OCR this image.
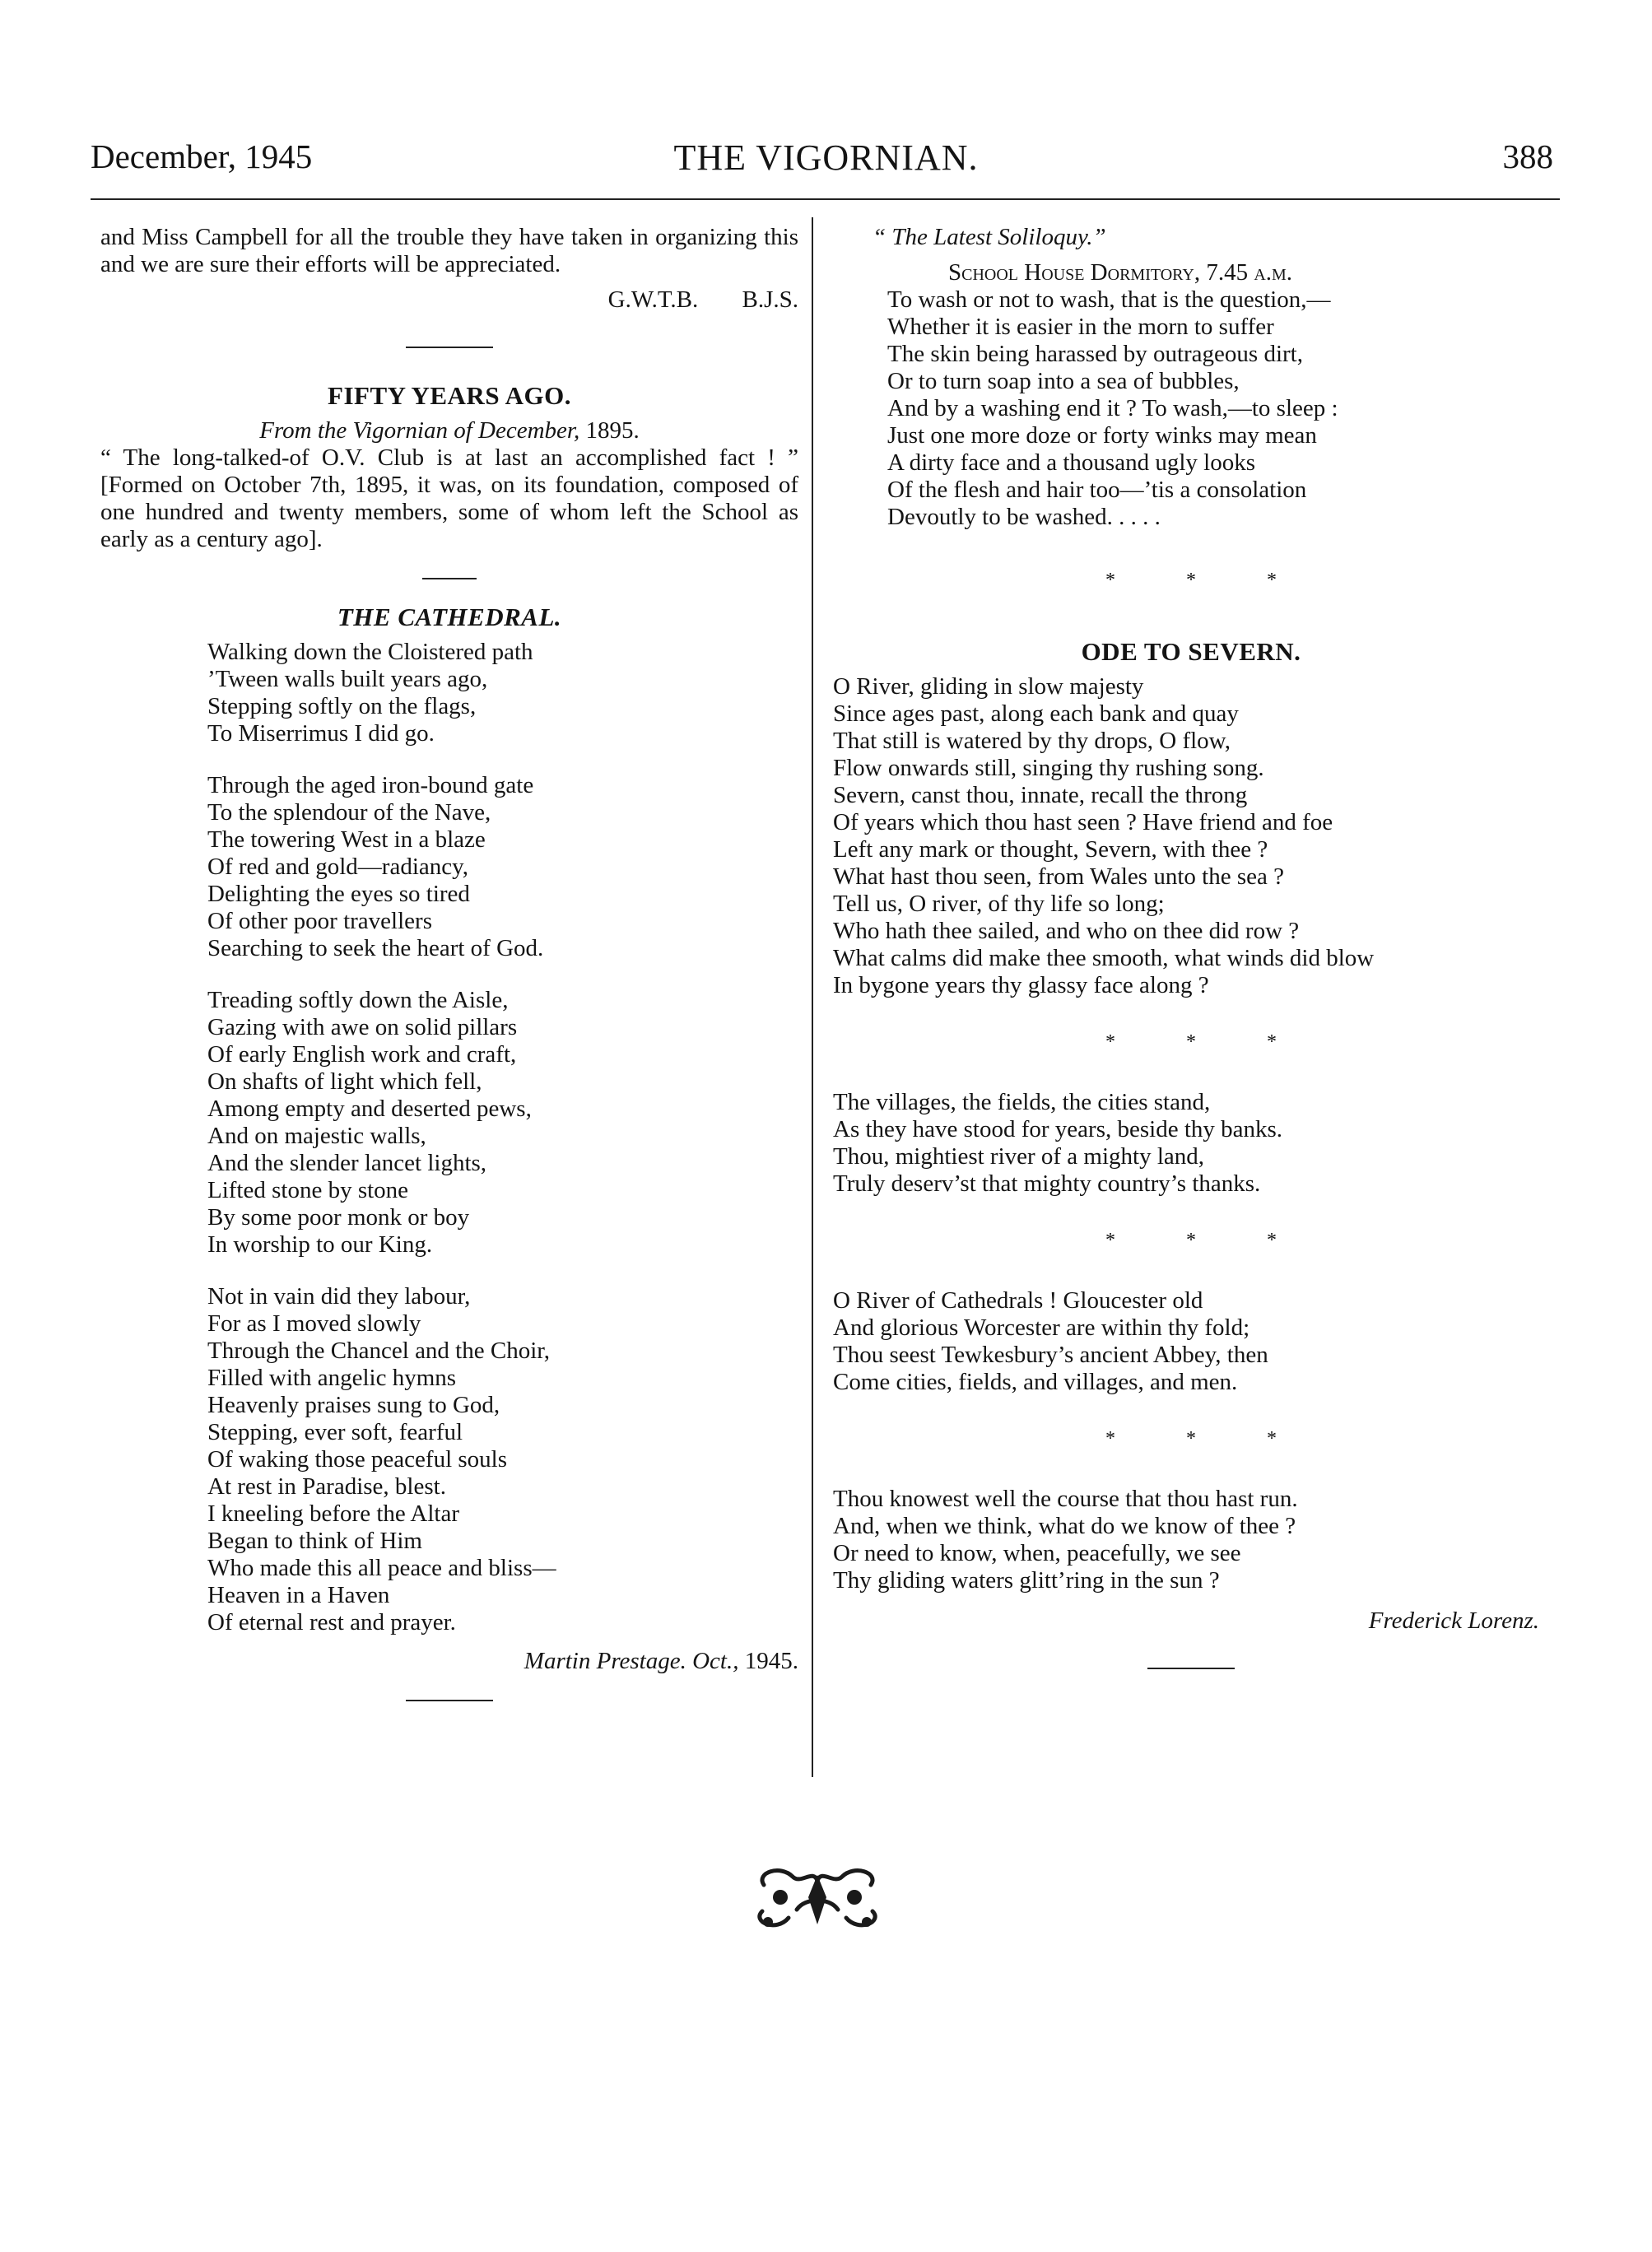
THE VIGORNIAN.
December, 1945	388

and Miss Campbell for all the trouble they have taken in organizing this and we are sure their efforts will be appreciated.

G.W.T.B. B.J.S.

FIFTY YEARS AGO.

From the Vigornian of December, 1895.

“ The long-talked-of O.V. Club is at last an accomplished fact ! ” [Formed on October 7th, 1895, it was, on its foundation, composed of one hundred and twenty members, some of whom left the School as early as a century ago].

THE CATHEDRAL.
Walking down the Cloistered path
’Tween walls built years ago,
Stepping softly on the flags,
To Miserrimus I did go.
Through the aged iron-bound gate
To the splendour of the Nave,
The towering West in a blaze
Of red and gold—radiancy,
Delighting the eyes so tired
Of other poor travellers
Searching to seek the heart of God.
Treading softly down the Aisle,
Gazing with awe on solid pillars
Of early English work and craft,
On shafts of light which fell,
Among empty and deserted pews,
And on majestic walls,
And the slender lancet lights,
Lifted stone by stone
By some poor monk or boy
In worship to our King.
Not in vain did they labour,
For as I moved slowly
Through the Chancel and the Choir,
Filled with angelic hymns
Heavenly praises sung to God,
Stepping, ever soft, fearful
Of waking those peaceful souls
At rest in Paradise, blest.
I kneeling before the Altar
Began to think of Him
Who made this all peace and bliss—
Heaven in a Haven
Of eternal rest and prayer.

Martin Prestage. Oct., 1945.

“ The Latest Soliloquy.”

School House Dormitory, 7.45 a.m.

To wash or not to wash, that is the question,—
Whether it is easier in the morn to suffer
The skin being harassed by outrageous dirt,
Or to turn soap into a sea of bubbles,
And by a washing end it ? To wash,—to sleep :
Just one more doze or forty winks may mean
A dirty face and a thousand ugly looks
Of the flesh and hair too—’tis a consolation
Devoutly to be washed. . . . .
* * *
ODE TO SEVERN.
O River, gliding in slow majesty
Since ages past, along each bank and quay
That still is watered by thy drops, O flow,
Flow onwards still, singing thy rushing song.
Severn, canst thou, innate, recall the throng
Of years which thou hast seen ? Have friend and foe
Left any mark or thought, Severn, with thee ?
What hast thou seen, from Wales unto the sea ?
Tell us, O river, of thy life so long;
Who hath thee sailed, and who on thee did row ?
What calms did make thee smooth, what winds did blow
In bygone years thy glassy face along ?
* * *
The villages, the fields, the cities stand,
As they have stood for years, beside thy banks.
Thou, mightiest river of a mighty land,
Truly deserv’st that mighty country’s thanks.
* * *
O River of Cathedrals ! Gloucester old
And glorious Worcester are within thy fold;
Thou seest Tewkesbury’s ancient Abbey, then
Come cities, fields, and villages, and men.
* * *
Thou knowest well the course that thou hast run.
And, when we think, what do we know of thee ?
Or need to know, when, peacefully, we see
Thy gliding waters glitt’ring in the sun ?

Frederick Lorenz.
